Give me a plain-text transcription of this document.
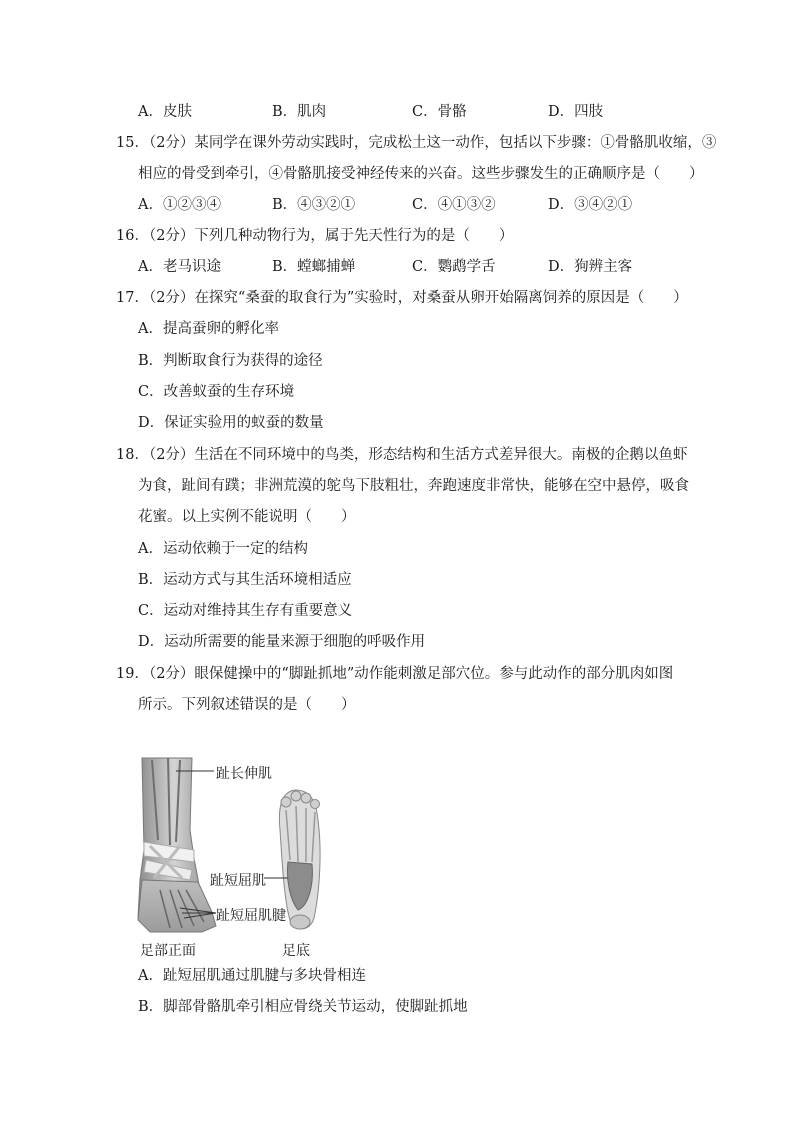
A．皮肤	B．肌肉	C．骨骼	D．四肢
15．（2分）某同学在课外劳动实践时，完成松土这一动作，包括以下步骤：①骨骼肌收缩，③
相应的骨受到牵引，④骨骼肌接受神经传来的兴奋。这些步骤发生的正确顺序是（　　）
A．①②③④	B．④③②①	C．④①③②	D．③④②①
16．（2分）下列几种动物行为，属于先天性行为的是（　　）
A．老马识途	B．螳螂捕蝉	C．鹦鹉学舌	D．狗辨主客
17．（2分）在探究“桑蚕的取食行为”实验时，对桑蚕从卵开始隔离饲养的原因是（　　）
A．提高蚕卵的孵化率
B．判断取食行为获得的途径
C．改善蚁蚕的生存环境
D．保证实验用的蚁蚕的数量
18．（2分）生活在不同环境中的鸟类，形态结构和生活方式差异很大。南极的企鹅以鱼虾
为食，趾间有蹼；非洲荒漠的鸵鸟下肢粗壮，奔跑速度非常快，能够在空中悬停，吸食
花蜜。以上实例不能说明（　　）
A．运动依赖于一定的结构
B．运动方式与其生活环境相适应
C．运动对维持其生存有重要意义
D．运动所需要的能量来源于细胞的呼吸作用
19．（2分）眼保健操中的“脚趾抓地”动作能刺激足部穴位。参与此动作的部分肌肉如图
所示。下列叙述错误的是（　　）
趾长伸肌
趾短屈肌
趾短屈肌腱
足部正面	足底
A．趾短屈肌通过肌腱与多块骨相连
B．脚部骨骼肌牵引相应骨绕关节运动，使脚趾抓地
